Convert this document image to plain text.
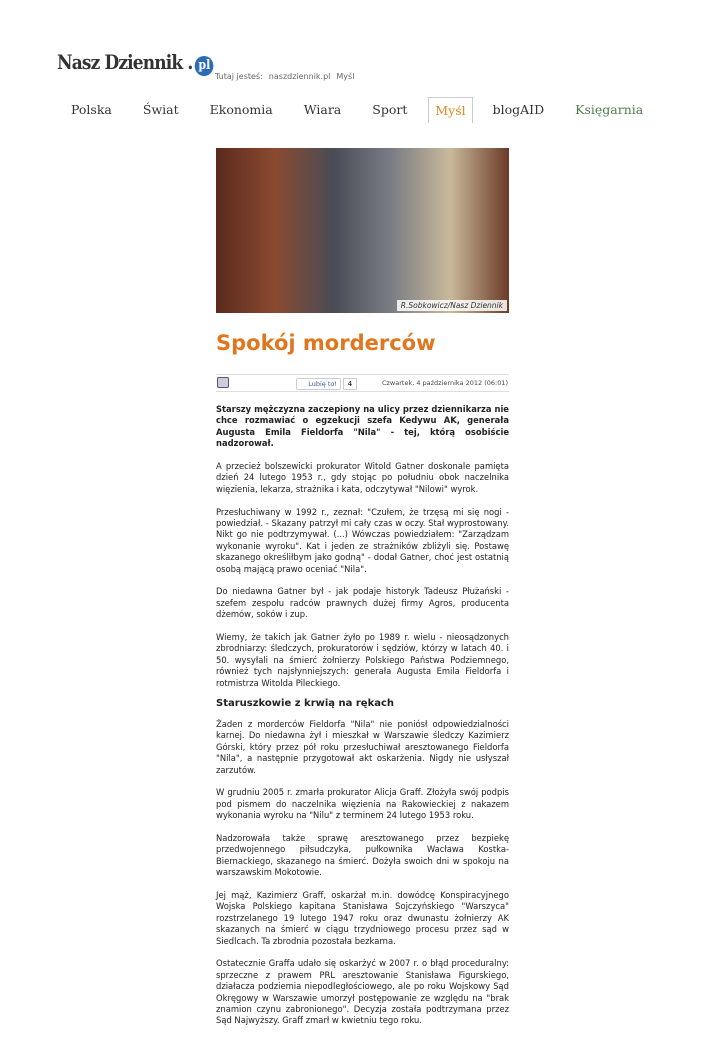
Nasz Dziennik . pl
Tutaj jesteś: naszdziennik.pl Myśl
Polska	Świat	Ekonomia	Wiara	Sport	Myśl	blogAID	Księgarnia
R.Sobkowicz/Nasz Dziennik
Spokój morderców
Lubię to!	4	Czwartek, 4 października 2012 (06:01)

Starszy mężczyzna zaczepiony na ulicy przez dziennikarza nie chce rozmawiać o egzekucji szefa Kedywu AK, generała Augusta Emila Fieldorfa "Nila" - tej, którą osobiście nadzorował.

A przecież bolszewicki prokurator Witold Gatner doskonale pamięta dzień 24 lutego 1953 r., gdy stojąc po południu obok naczelnika więzienia, lekarza, strażnika i kata, odczytywał "Nilowi" wyrok.

Przesłuchiwany w 1992 r., zeznał: "Czułem, że trzęsą mi się nogi - powiedział. - Skazany patrzył mi cały czas w oczy. Stał wyprostowany. Nikt go nie podtrzymywał. (...) Wówczas powiedziałem: "Zarządzam wykonanie wyroku". Kat i jeden ze strażników zbliżyli się. Postawę skazanego określiłbym jako godną" - dodał Gatner, choć jest ostatnią osobą mającą prawo oceniać "Nila".

Do niedawna Gatner był - jak podaje historyk Tadeusz Płużański - szefem zespołu radców prawnych dużej firmy Agros, producenta dżemów, soków i zup.

Wiemy, że takich jak Gatner żyło po 1989 r. wielu - nieosądzonych zbrodniarzy: śledczych, prokuratorów i sędziów, którzy w latach 40. i 50. wysyłali na śmierć żołnierzy Polskiego Państwa Podziemnego, również tych najsłynniejszych: generała Augusta Emila Fieldorfa i rotmistrza Witolda Pileckiego.

Staruszkowie z krwią na rękach

Żaden z morderców Fieldorfa "Nila" nie poniósł odpowiedzialności karnej. Do niedawna żył i mieszkał w Warszawie śledczy Kazimierz Górski, który przez pół roku przesłuchiwał aresztowanego Fieldorfa "Nila", a następnie przygotował akt oskarżenia. Nigdy nie usłyszał zarzutów.

W grudniu 2005 r. zmarła prokurator Alicja Graff. Złożyła swój podpis pod pismem do naczelnika więzienia na Rakowieckiej z nakazem wykonania wyroku na "Nilu" z terminem 24 lutego 1953 roku.

Nadzorowała także sprawę aresztowanego przez bezpiekę przedwojennego piłsudczyka, pułkownika Wacława Kostka-Biernackiego, skazanego na śmierć. Dożyła swoich dni w spokoju na warszawskim Mokotowie.

Jej mąż, Kazimierz Graff, oskarżał m.in. dowódcę Konspiracyjnego Wojska Polskiego kapitana Stanisława Sojczyńskiego "Warszyca" rozstrzelanego 19 lutego 1947 roku oraz dwunastu żołnierzy AK skazanych na śmierć w ciągu trzydniowego procesu przez sąd w Siedlcach. Ta zbrodnia pozostała bezkarna.

Ostatecznie Graffa udało się oskarżyć w 2007 r. o błąd proceduralny: sprzeczne z prawem PRL aresztowanie Stanisława Figurskiego, działacza podziemia niepodległościowego, ale po roku Wojskowy Sąd Okręgowy w Warszawie umorzył postępowanie ze względu na "brak znamion czynu zabronionego". Decyzja została podtrzymana przez Sąd Najwyższy. Graff zmarł w kwietniu tego roku.
